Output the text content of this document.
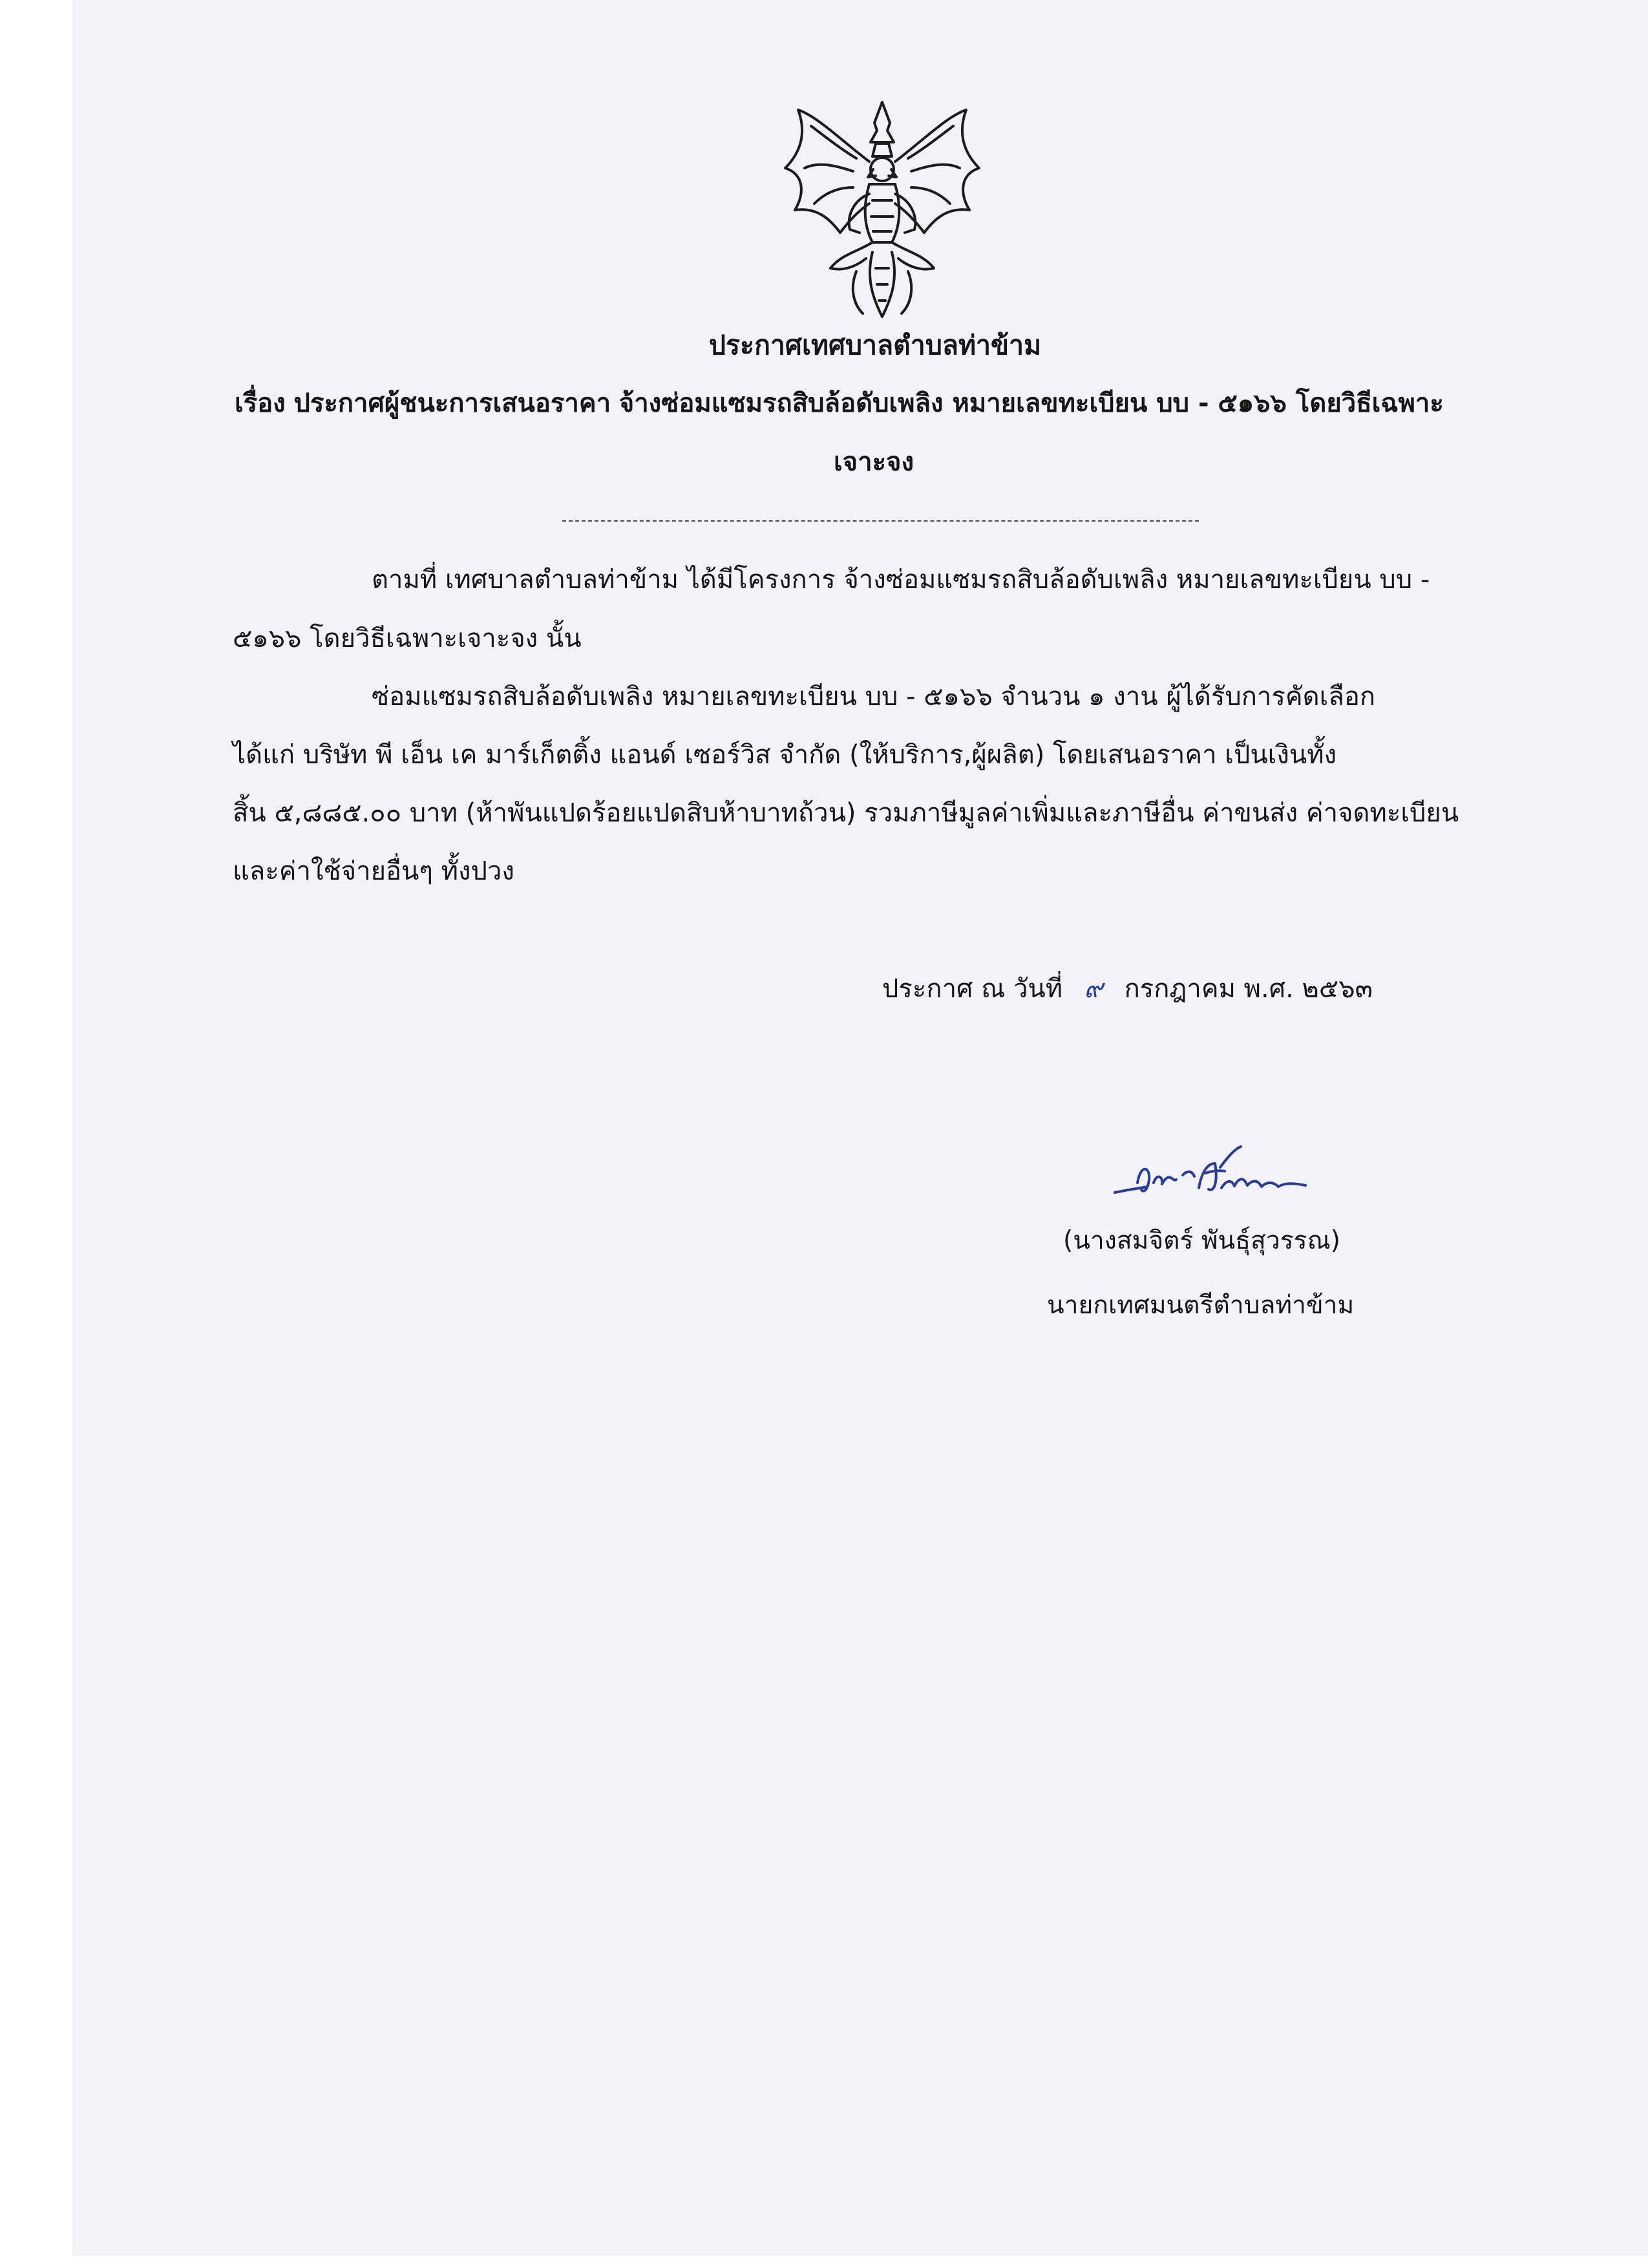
ประกาศเทศบาลตำบลท่าข้าม
เรื่อง ประกาศผู้ชนะการเสนอราคา จ้างซ่อมแซมรถสิบล้อดับเพลิง หมายเลขทะเบียน บบ - ๕๑๖๖ โดยวิธีเฉพาะ
เจาะจง
ตามที่ เทศบาลตำบลท่าข้าม ได้มีโครงการ จ้างซ่อมแซมรถสิบล้อดับเพลิง หมายเลขทะเบียน บบ -
๕๑๖๖ โดยวิธีเฉพาะเจาะจง นั้น
ซ่อมแซมรถสิบล้อดับเพลิง หมายเลขทะเบียน บบ - ๕๑๖๖ จำนวน ๑ งาน ผู้ได้รับการคัดเลือก
ได้แก่ บริษัท พี เอ็น เค มาร์เก็ตติ้ง แอนด์ เซอร์วิส จำกัด (ให้บริการ,ผู้ผลิต) โดยเสนอราคา เป็นเงินทั้ง
สิ้น ๕,๘๘๕.๐๐ บาท (ห้าพันแปดร้อยแปดสิบห้าบาทถ้วน) รวมภาษีมูลค่าเพิ่มและภาษีอื่น ค่าขนส่ง ค่าจดทะเบียน
และค่าใช้จ่ายอื่นๆ ทั้งปวง
ประกาศ ณ วันที่ ๙ กรกฎาคม พ.ศ. ๒๕๖๓
(นางสมจิตร์ พันธุ์สุวรรณ)
นายกเทศมนตรีตำบลท่าข้าม
